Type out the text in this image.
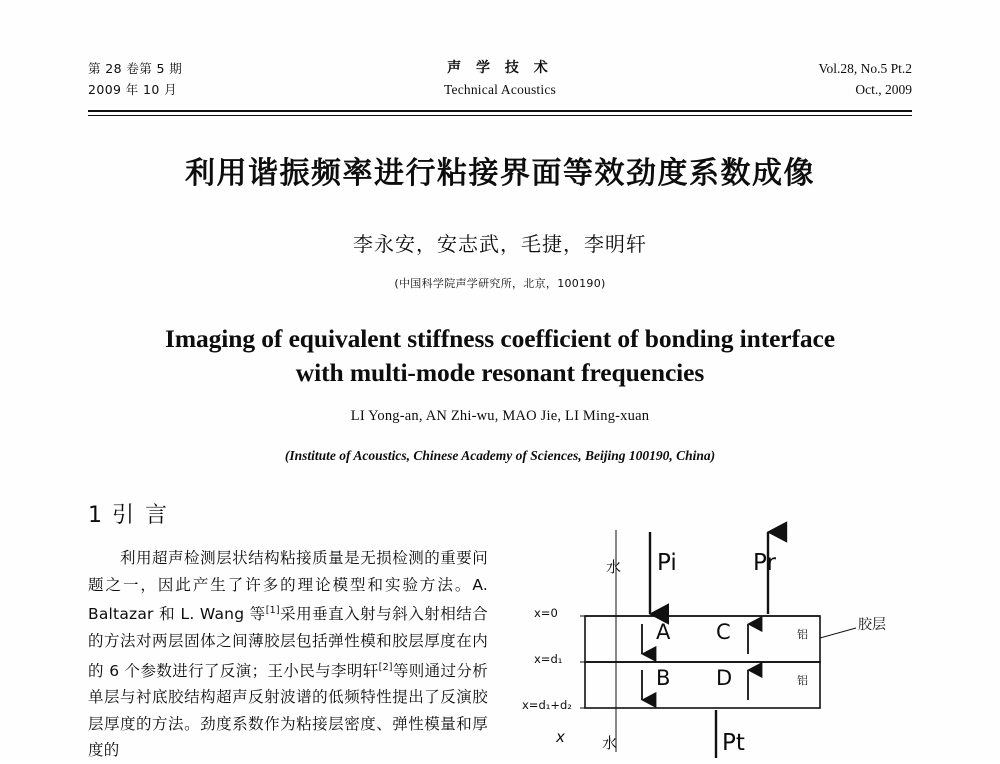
第 28 卷第 5 期
2009 年 10 月
声 学 技 术
Technical Acoustics
Vol.28, No.5 Pt.2
Oct., 2009
利用谐振频率进行粘接界面等效劲度系数成像
李永安，安志武，毛捷，李明轩
(中国科学院声学研究所，北京，100190)
Imaging of equivalent stiffness coefficient of bonding interface
with multi-mode resonant frequencies
LI Yong-an, AN Zhi-wu, MAO Jie, LI Ming-xuan
(Institute of Acoustics, Chinese Academy of Sciences, Beijing 100190, China)
1 引 言
利用超声检测层状结构粘接质量是无损检测的重要问题之一，因此产生了许多的理论模型和实验方法。A. Baltazar 和 L. Wang 等[1]采用垂直入射与斜入射相结合的方法对两层固体之间薄胶层包括弹性模和胶层厚度在内的 6 个参数进行了反演；王小民与李明轩[2]等则通过分析单层与衬底胶结构超声反射波谱的低频特性提出了反演胶层厚度的方法。劲度系数作为粘接层密度、弹性模量和厚度的
水 Pi	Pr
A C
B D
铝
铝
胶层
x=0
x=d₁
x=d₁+d₂
水	Pt
x
